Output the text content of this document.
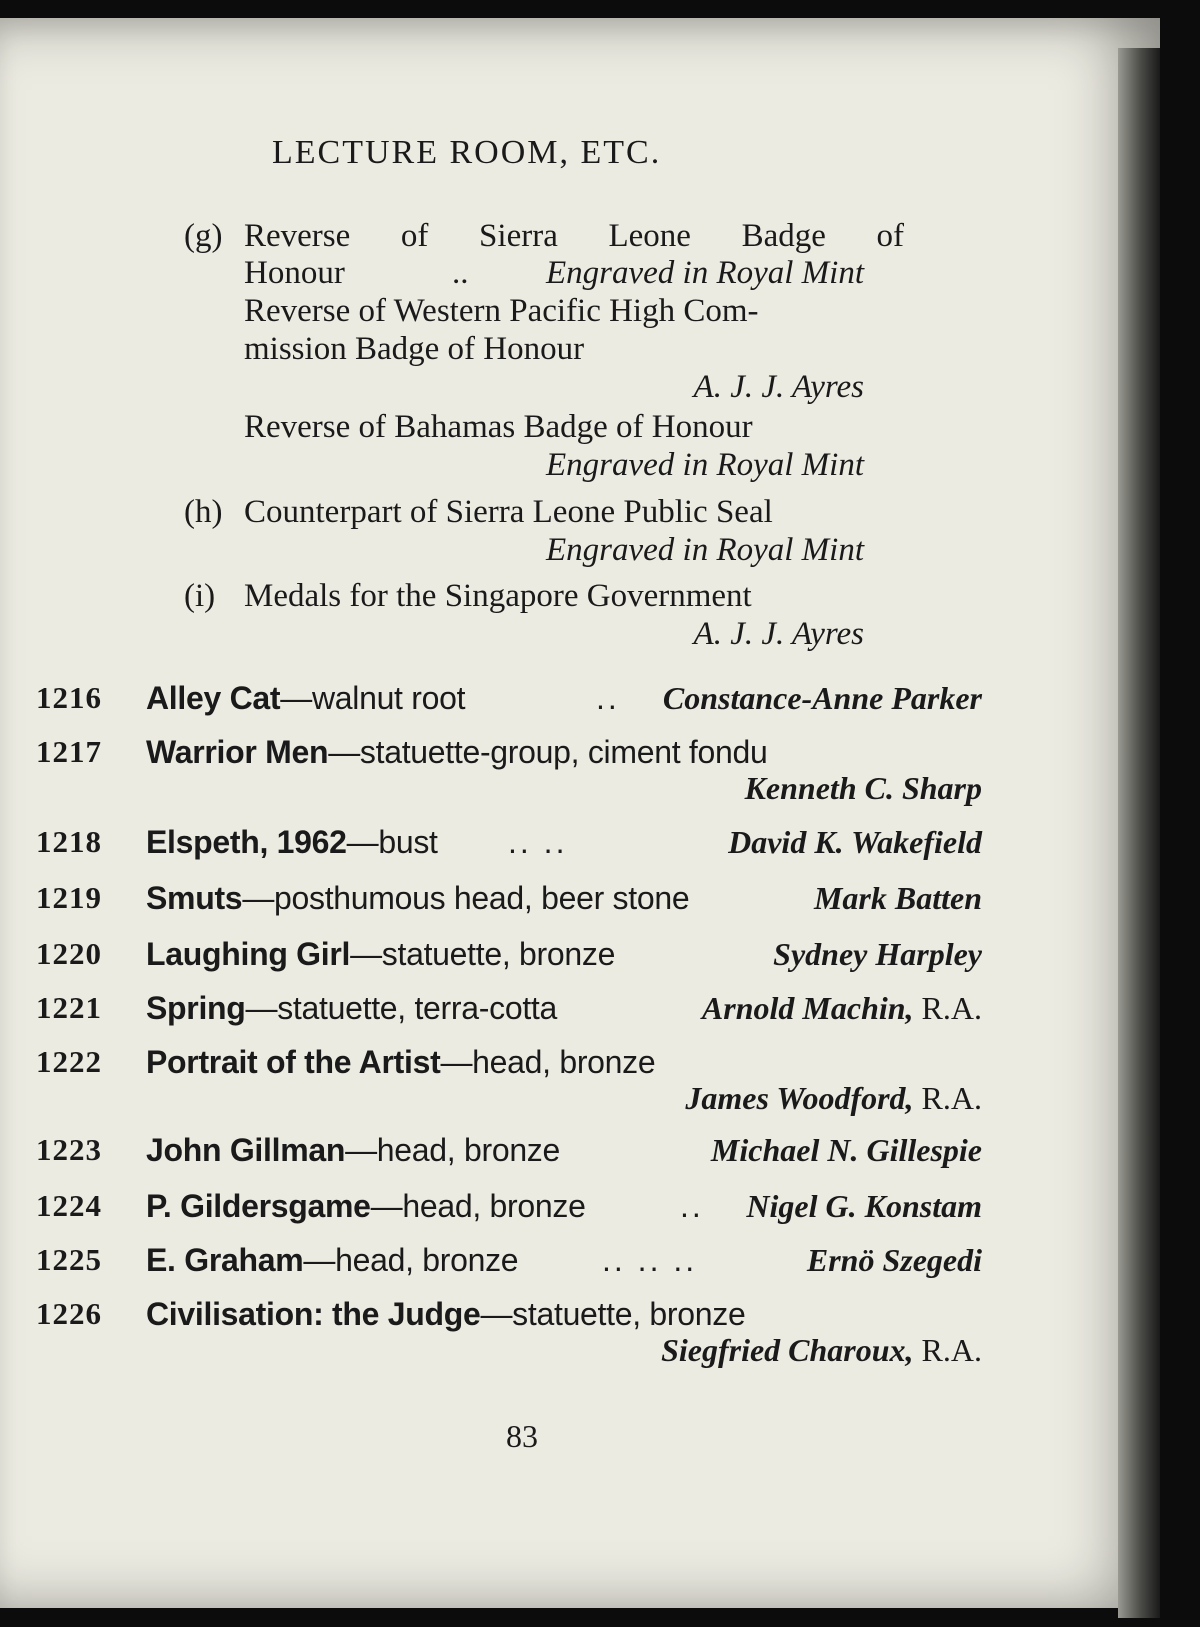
LECTURE ROOM, ETC.
(g) Reverse of Sierra Leone Badge of
Honour	.. Engraved in Royal Mint
Reverse of Western Pacific High Com-
mission Badge of Honour
A. J. J. Ayres
Reverse of Bahamas Badge of Honour
Engraved in Royal Mint
(h) Counterpart of Sierra Leone Public Seal
Engraved in Royal Mint
(i) Medals for the Singapore Government
A. J. J. Ayres
1216 Alley Cat—walnut root	.. Constance-Anne Parker
1217 Warrior Men—statuette-group, ciment fondu
Kenneth C. Sharp
1218 Elspeth, 1962—bust .. ..	David K. Wakefield
1219 Smuts—posthumous head, beer stone	Mark Batten
1220 Laughing Girl—statuette, bronze	Sydney Harpley
1221 Spring—statuette, terra-cotta	Arnold Machin, R.A.
1222 Portrait of the Artist—head, bronze
James Woodford, R.A.
1223 John Gillman—head, bronze	Michael N. Gillespie
1224 P. Gildersgame—head, bronze	.. Nigel G. Konstam
1225 E. Graham—head, bronze	.. .. ..	Ernö Szegedi
1226 Civilisation: the Judge—statuette, bronze
Siegfried Charoux, R.A.
83
